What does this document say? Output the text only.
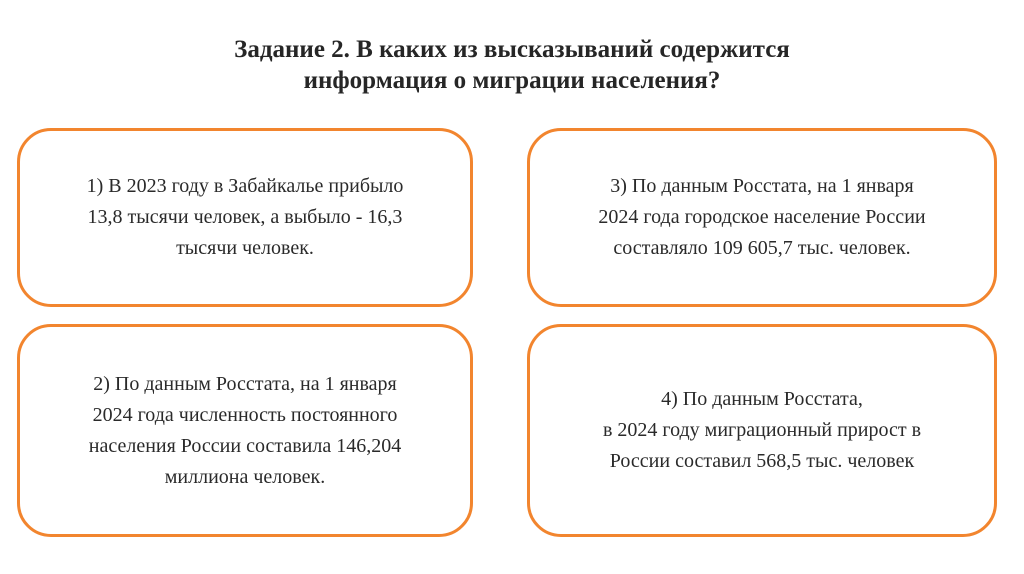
Задание 2. В каких из высказываний содержится
информация о миграции населения?
1) В 2023 году в Забайкалье прибыло
13,8 тысячи человек, а выбыло - 16,3
тысячи человек.
2) По данным Росстата, на 1 января
2024 года численность постоянного
населения России составила 146,204
миллиона человек.
3) По данным Росстата, на 1 января
2024 года городское население России
составляло 109 605,7 тыс. человек.
4) По данным Росстата,
в 2024 году миграционный прирост в
России составил 568,5 тыс. человек
